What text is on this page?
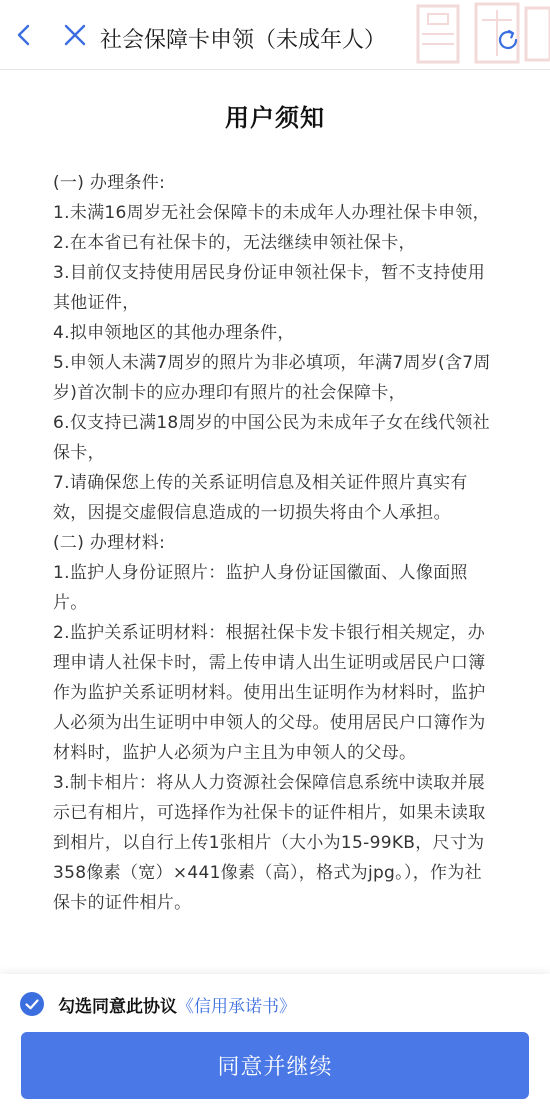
社会保障卡申领（未成年人）
用户须知

(一) 办理条件:

1.未满16周岁无社会保障卡的未成年人办理社保卡申领，

2.在本省已有社保卡的，无法继续申领社保卡，

3.目前仅支持使用居民身份证申领社保卡，暂不支持使用其他证件，

4.拟申领地区的其他办理条件，

5.申领人未满7周岁的照片为非必填项，年满7周岁(含7周岁)首次制卡的应办理印有照片的社会保障卡，

6.仅支持已满18周岁的中国公民为未成年子女在线代领社保卡，

7.请确保您上传的关系证明信息及相关证件照片真实有效，因提交虚假信息造成的一切损失将由个人承担。

(二) 办理材料:

1.监护人身份证照片：监护人身份证国徽面、人像面照片。

2.监护关系证明材料：根据社保卡发卡银行相关规定，办理申请人社保卡时，需上传申请人出生证明或居民户口簿作为监护关系证明材料。使用出生证明作为材料时，监护人必须为出生证明中申领人的父母。使用居民户口簿作为材料时，监护人必须为户主且为申领人的父母。

3.制卡相片：将从人力资源社会保障信息系统中读取并展示已有相片，可选择作为社保卡的证件相片，如果未读取到相片，以自行上传1张相片（大小为15-99KB，尺寸为358像素（宽）×441像素（高），格式为jpg。），作为社保卡的证件相片。

勾选同意此协议 《信用承诺书》
同意并继续
